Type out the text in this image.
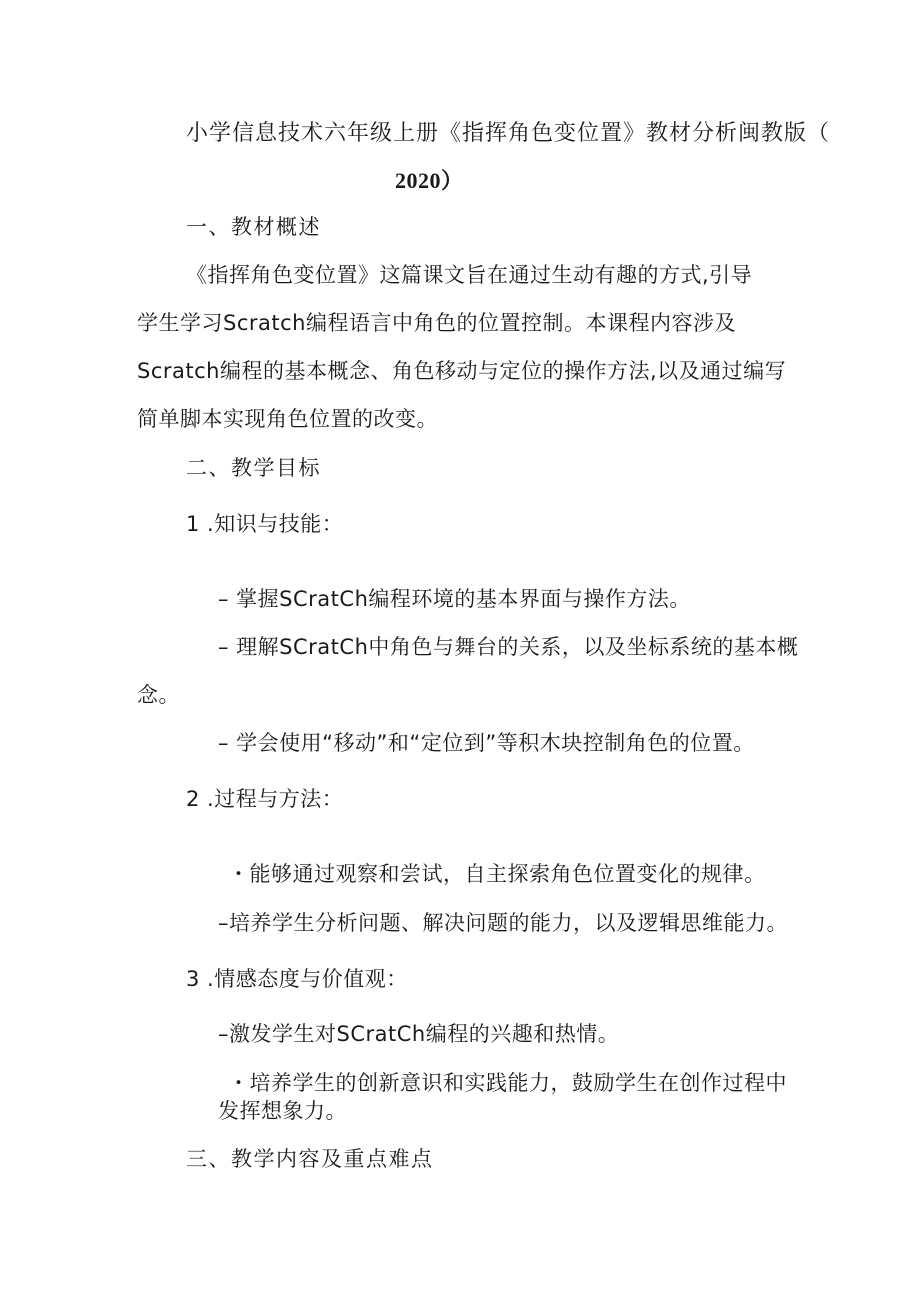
小学信息技术六年级上册《指挥角色变位置》教材分析闽教版（
2020）
一、教材概述
《指挥角色变位置》这篇课文旨在通过生动有趣的方式,引导
学生学习Scratch编程语言中角色的位置控制。本课程内容涉及
Scratch编程的基本概念、角色移动与定位的操作方法,以及通过编写
简单脚本实现角色位置的改变。
二、教学目标
1 .知识与技能：
– 掌握SCratCh编程环境的基本界面与操作方法。
– 理解SCratCh中角色与舞台的关系，以及坐标系统的基本概
念。
– 学会使用“移动”和“定位到”等积木块控制角色的位置。
2 .过程与方法：
・能够通过观察和尝试，自主探索角色位置变化的规律。
–培养学生分析问题、解决问题的能力，以及逻辑思维能力。
3 .情感态度与价值观：
–激发学生对SCratCh编程的兴趣和热情。
・培养学生的创新意识和实践能力，鼓励学生在创作过程中
发挥想象力。
三、教学内容及重点难点
